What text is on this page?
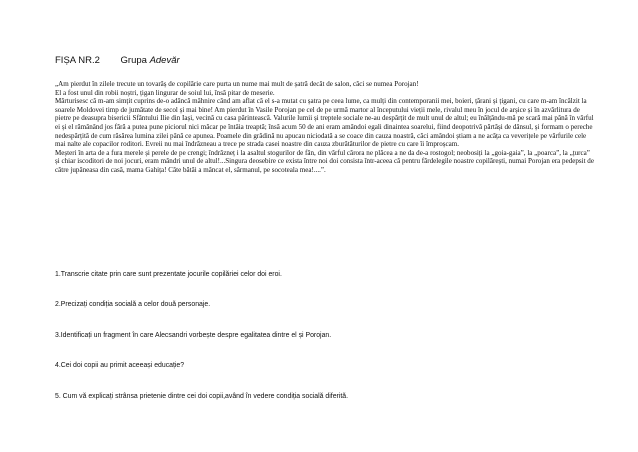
FIȘA NR.2 Grupa Adevăr

„Am pierdut în zilele trecute un tovarăș de copilărie care purta un nume mai mult de șatră decât de salon, căci se numea Porojan!

El a fost unul din robii noștri, țigan lingurar de soiul lui, însă pitar de meserie.

Mărturisesc că m-am simțit cuprins de-o adâncă mâhnire când am aflat că el s-a mutat cu șatra pe ceea lume, ca mulți din contemporanii mei, boieri, țărani și țigani, cu care m-am încălzit la soarele Moldovei timp de jumătate de secol și mai bine! Am pierdut în Vasile Porojan pe cel de pe urmă martor al începutului vieții mele, rivalul meu în jocul de arșice și în azvârlitura de pietre pe deasupra bisericii Sfântului Ilie din Iași, vecină cu casa părintească. Valurile lumii și treptele sociale ne-au despărțit de mult unul de altul; eu înălțându-mă pe scară mai până în vârful ei și el rămânând jos fără a putea pune piciorul nici măcar pe întâia treaptă; însă acum 50 de ani eram amândoi egali dinaintea soarelui, fiind deopotrivă părtăși de dânsul, și formam o pereche nedespărțită de cum răsărea lumina zilei până ce apunea. Poamele din grădină nu apucau niciodată a se coace din cauza noastră, căci amândoi știam a ne acăța ca veverițele pe vârfurile cele mai nalte ale copacilor roditori. Evreii nu mai îndrăzneau a trece pe strada casei noastre din cauza zburătăturilor de pietre cu care îi împroșcam.

Meșteri în arta de a fura merele și perele de pe crengi; îndrăzneț i la asaltul stogurilor de fân, din vârful cărora ne plăcea a ne da de-a rostogol; neobosiți la „goia-gaia”, la „poarca”, la „țurca” și chiar iscoditori de noi jocuri, eram mândri unul de altul!...Singura deosebire ce exista între noi doi consista într-aceea că pentru fărdelegile noastre copilărești, numai Porojan era pedepsit de către jupâneasa din casă, mama Gahița! Câte bătăi a mâncat el, sărmanul, pe socoteala mea!....”.

1.Transcrie citate prin care sunt prezentate jocurile copilăriei celor doi eroi.
2.Precizați condiția socială a celor două personaje.
3.Identificați un fragment în care Alecsandri vorbește despre egalitatea dintre el și Porojan.
4.Cei doi copii au primit aceeași educație?
5. Cum vă explicați strânsa prietenie dintre cei doi copii,având în vedere condiția socială diferită.
